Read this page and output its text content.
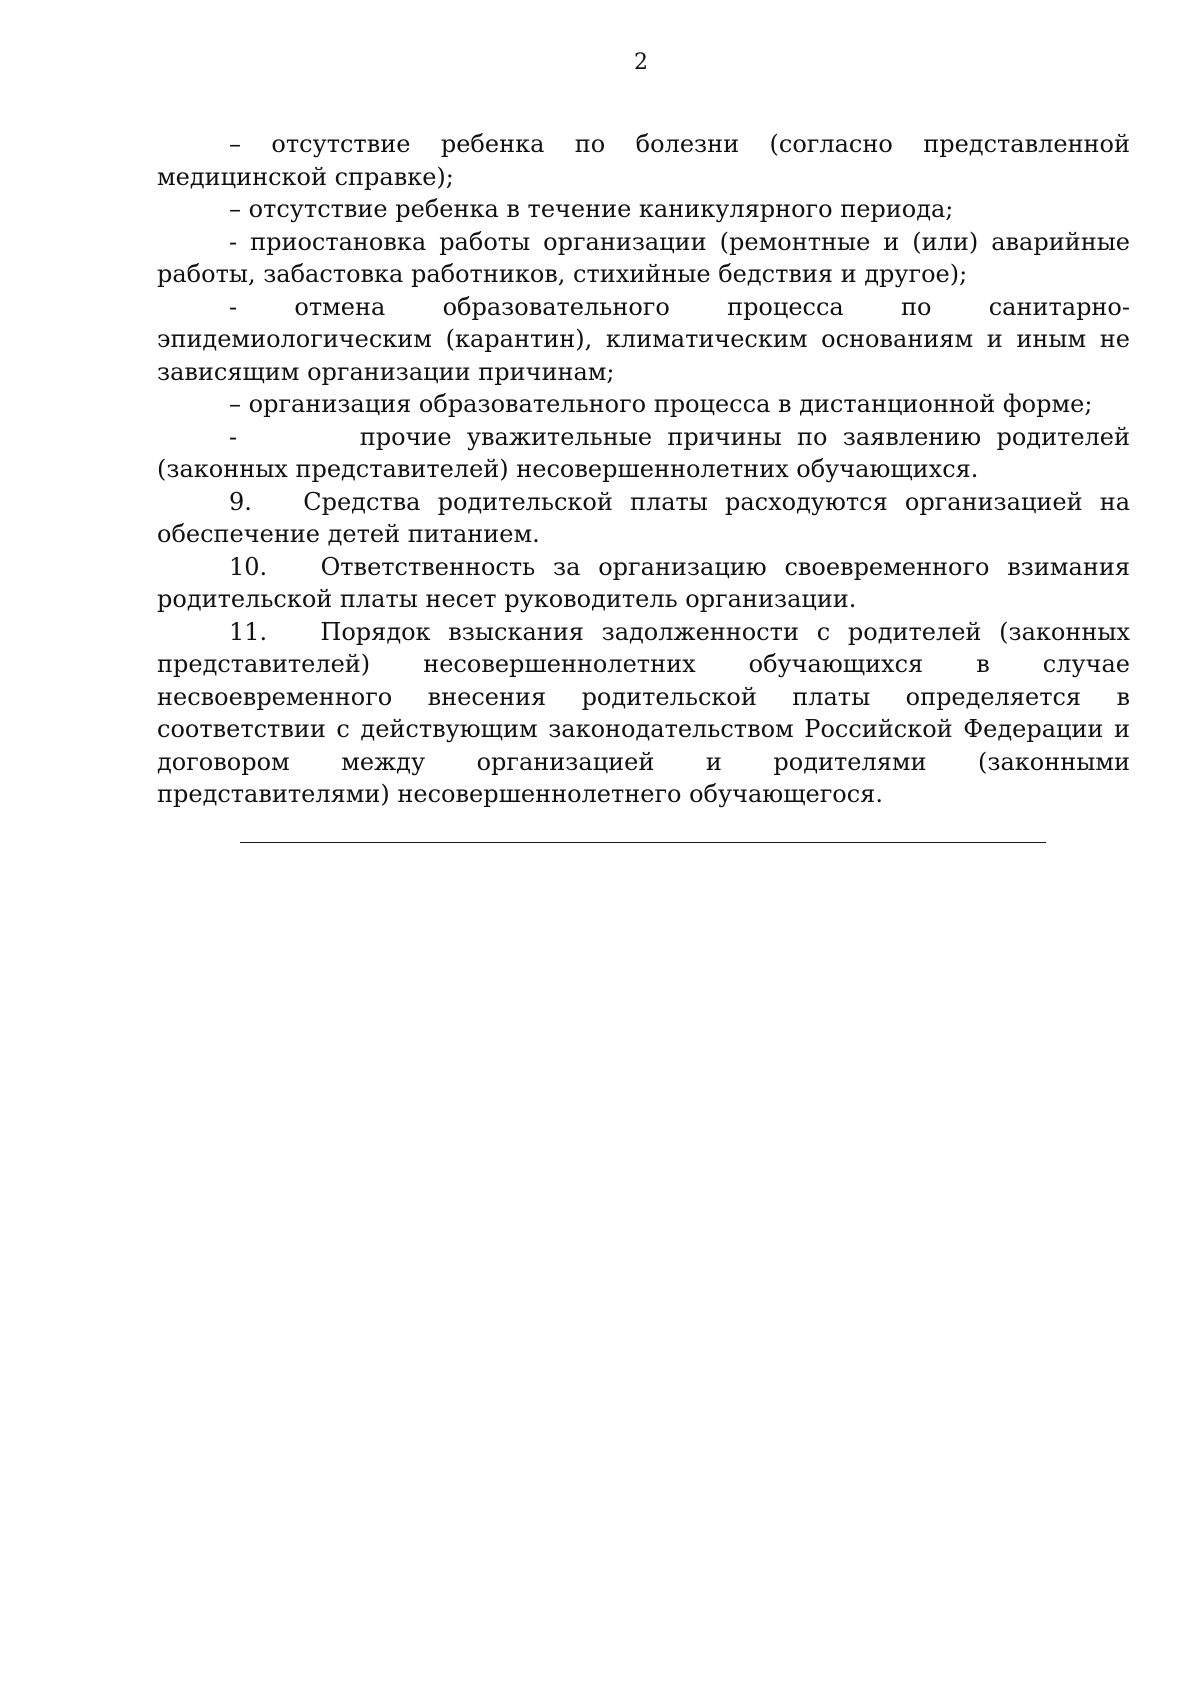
2

– отсутствие ребенка по болезни (согласно представленной медицинской справке);

– отсутствие ребенка в течение каникулярного периода;

- приостановка работы организации (ремонтные и (или) аварийные работы, забастовка работников, стихийные бедствия и другое);

- отмена образовательного процесса по санитарно-эпидемиологическим (карантин), климатическим основаниям и иным не зависящим организации причинам;

– организация образовательного процесса в дистанционной форме;

-        прочие уважительные причины по заявлению родителей (законных представителей) несовершеннолетних обучающихся.

9.   Средства родительской платы расходуются организацией на обеспечение детей питанием.

10.   Ответственность за организацию своевременного взимания родительской платы несет руководитель организации.

11.   Порядок взыскания задолженности с родителей (законных представителей) несовершеннолетних обучающихся в случае несвоевременного внесения родительской платы определяется в соответствии с действующим законодательством Российской Федерации и договором между организацией и родителями (законными представителями) несовершеннолетнего обучающегося.
